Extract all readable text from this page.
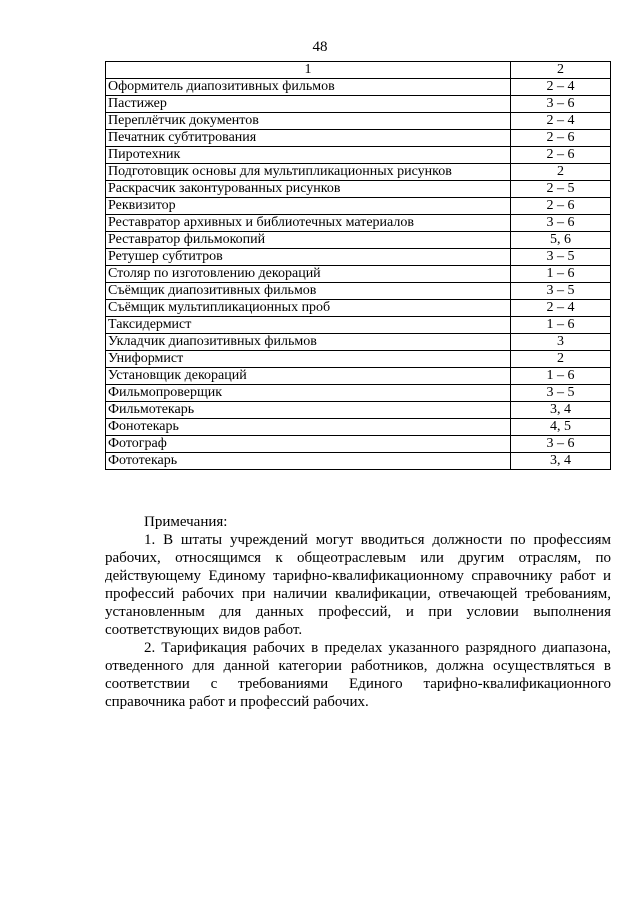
48
1	2
Оформитель диапозитивных фильмов	2 – 4
Пастижер	3 – 6
Переплётчик документов	2 – 4
Печатник субтитрования	2 – 6
Пиротехник	2 – 6
Подготовщик основы для мультипликационных рисунков	2
Раскрасчик законтурованных рисунков	2 – 5
Реквизитор	2 – 6
Реставратор архивных и библиотечных материалов	3 – 6
Реставратор фильмокопий	5, 6
Ретушер субтитров	3 – 5
Столяр по изготовлению декораций	1 – 6
Съёмщик диапозитивных фильмов	3 – 5
Съёмщик мультипликационных проб	2 – 4
Таксидермист	1 – 6
Укладчик диапозитивных фильмов	3
Униформист	2
Установщик декораций	1 – 6
Фильмопроверщик	3 – 5
Фильмотекарь	3, 4
Фонотекарь	4, 5
Фотограф	3 – 6
Фототекарь	3, 4

Примечания:

1. В штаты учреждений могут вводиться должности по профессиям рабочих, относящимся к общеотраслевым или другим отраслям, по действующему Единому тарифно-квалификационному справочнику работ и профессий рабочих при наличии квалификации, отвечающей требованиям, установленным для данных профессий, и при условии выполнения соответствующих видов работ.

2. Тарификация рабочих в пределах указанного разрядного диапазона, отведенного для данной категории работников, должна осуществляться в соответствии с требованиями Единого тарифно-квалификационного справочника работ и профессий рабочих.
